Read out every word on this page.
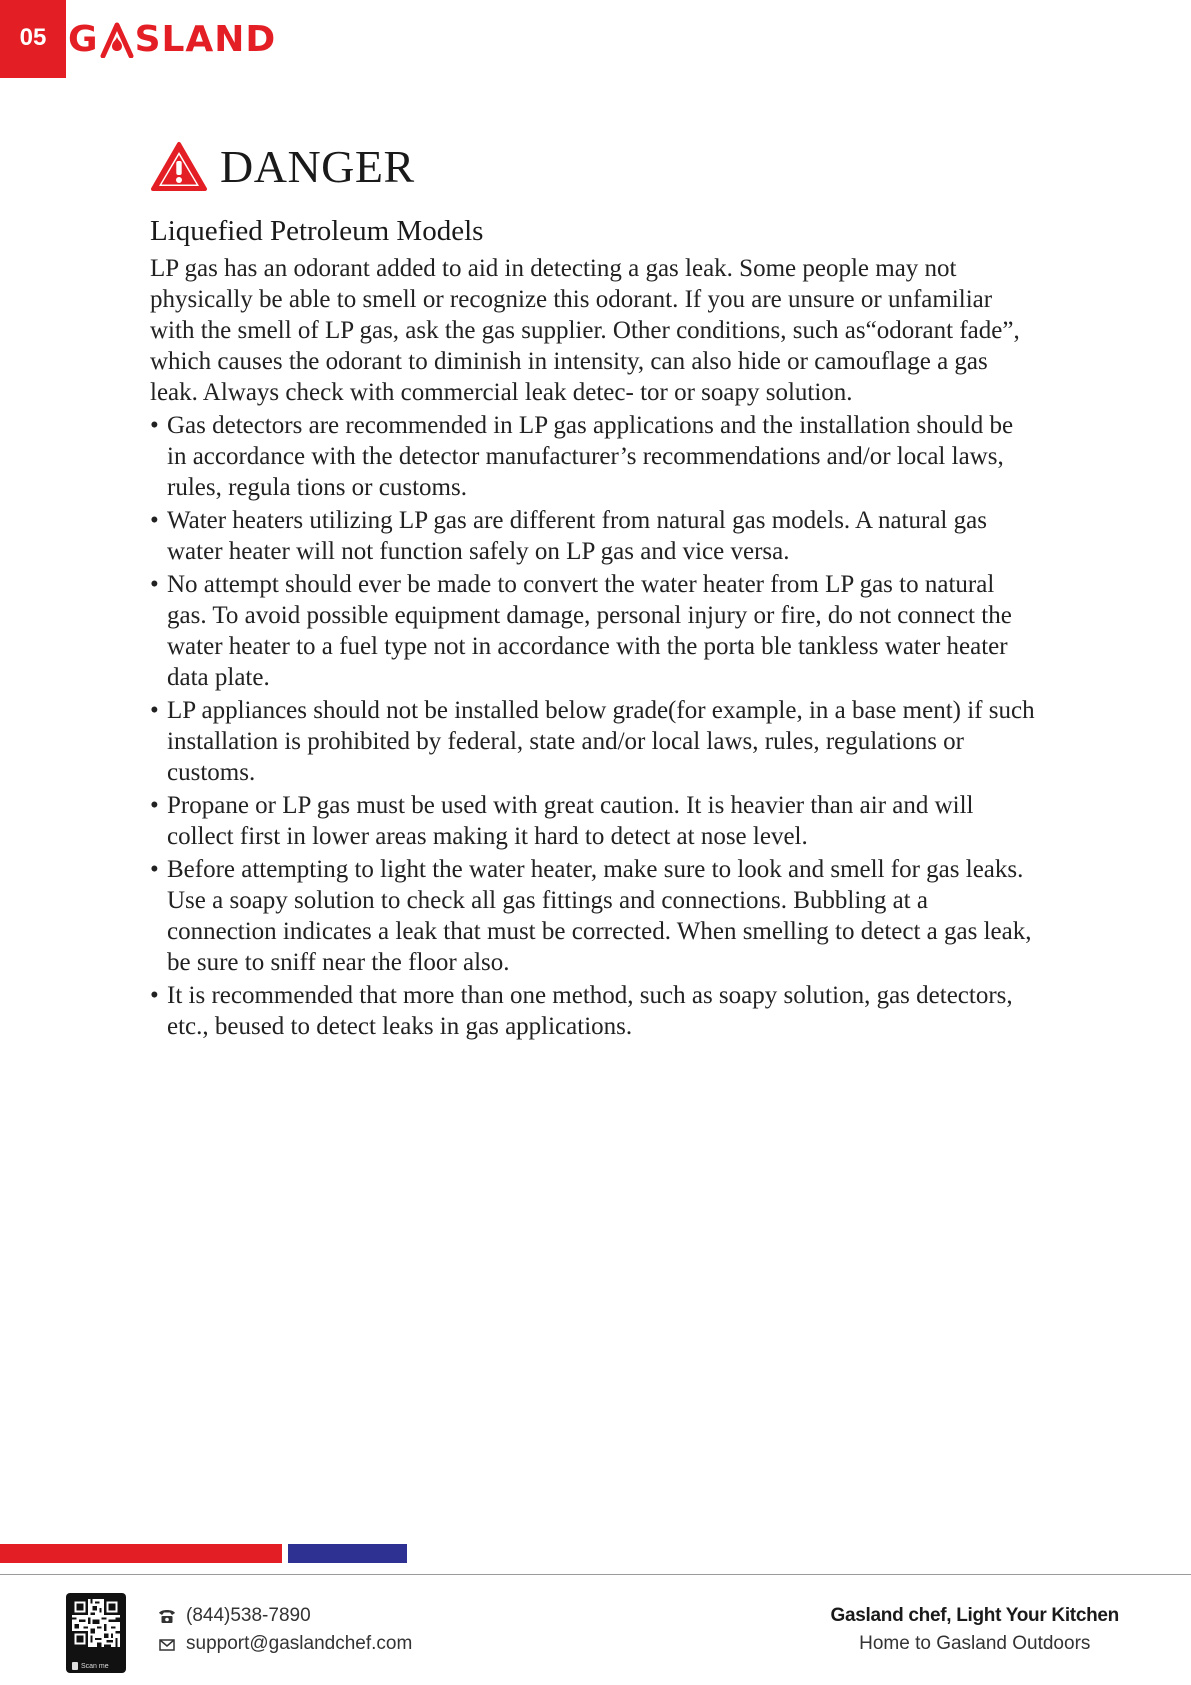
05 G SLAND
DANGER
Liquefied Petroleum Models

LP gas has an odorant added to aid in detecting a gas leak. Some people may not physically be able to smell or recognize this odorant. If you are unsure or unfamiliar with the smell of LP gas, ask the gas supplier. Other conditions, such as“odorant fade”, which causes the odorant to diminish in intensity, can also hide or camouflage a gas leak. Always check with commercial leak detec- tor or soapy solution.

• Gas detectors are recommended in LP gas applications and the installation should be in accordance with the detector manufacturer’s recommendations and/or local laws, rules, regula tions or customs.
• Water heaters utilizing LP gas are different from natural gas models. A natural gas water heater will not function safely on LP gas and vice versa.
• No attempt should ever be made to convert the water heater from LP gas to natural gas. To avoid possible equipment damage, personal injury or fire, do not connect the water heater to a fuel type not in accordance with the porta ble tankless water heater data plate.
• LP appliances should not be installed below grade(for example, in a base ment) if such installation is prohibited by federal, state and/or local laws, rules, regulations or customs.
• Propane or LP gas must be used with great caution. It is heavier than air and will collect first in lower areas making it hard to detect at nose level.
• Before attempting to light the water heater, make sure to look and smell for gas leaks. Use a soapy solution to check all gas fittings and connections. Bubbling at a connection indicates a leak that must be corrected. When smelling to detect a gas leak, be sure to sniff near the floor also.
• It is recommended that more than one method, such as soapy solution, gas detectors, etc., beused to detect leaks in gas applications.
Scan me
(844)538-7890
support@gaslandchef.com
Gasland chef, Light Your Kitchen
Home to Gasland Outdoors
